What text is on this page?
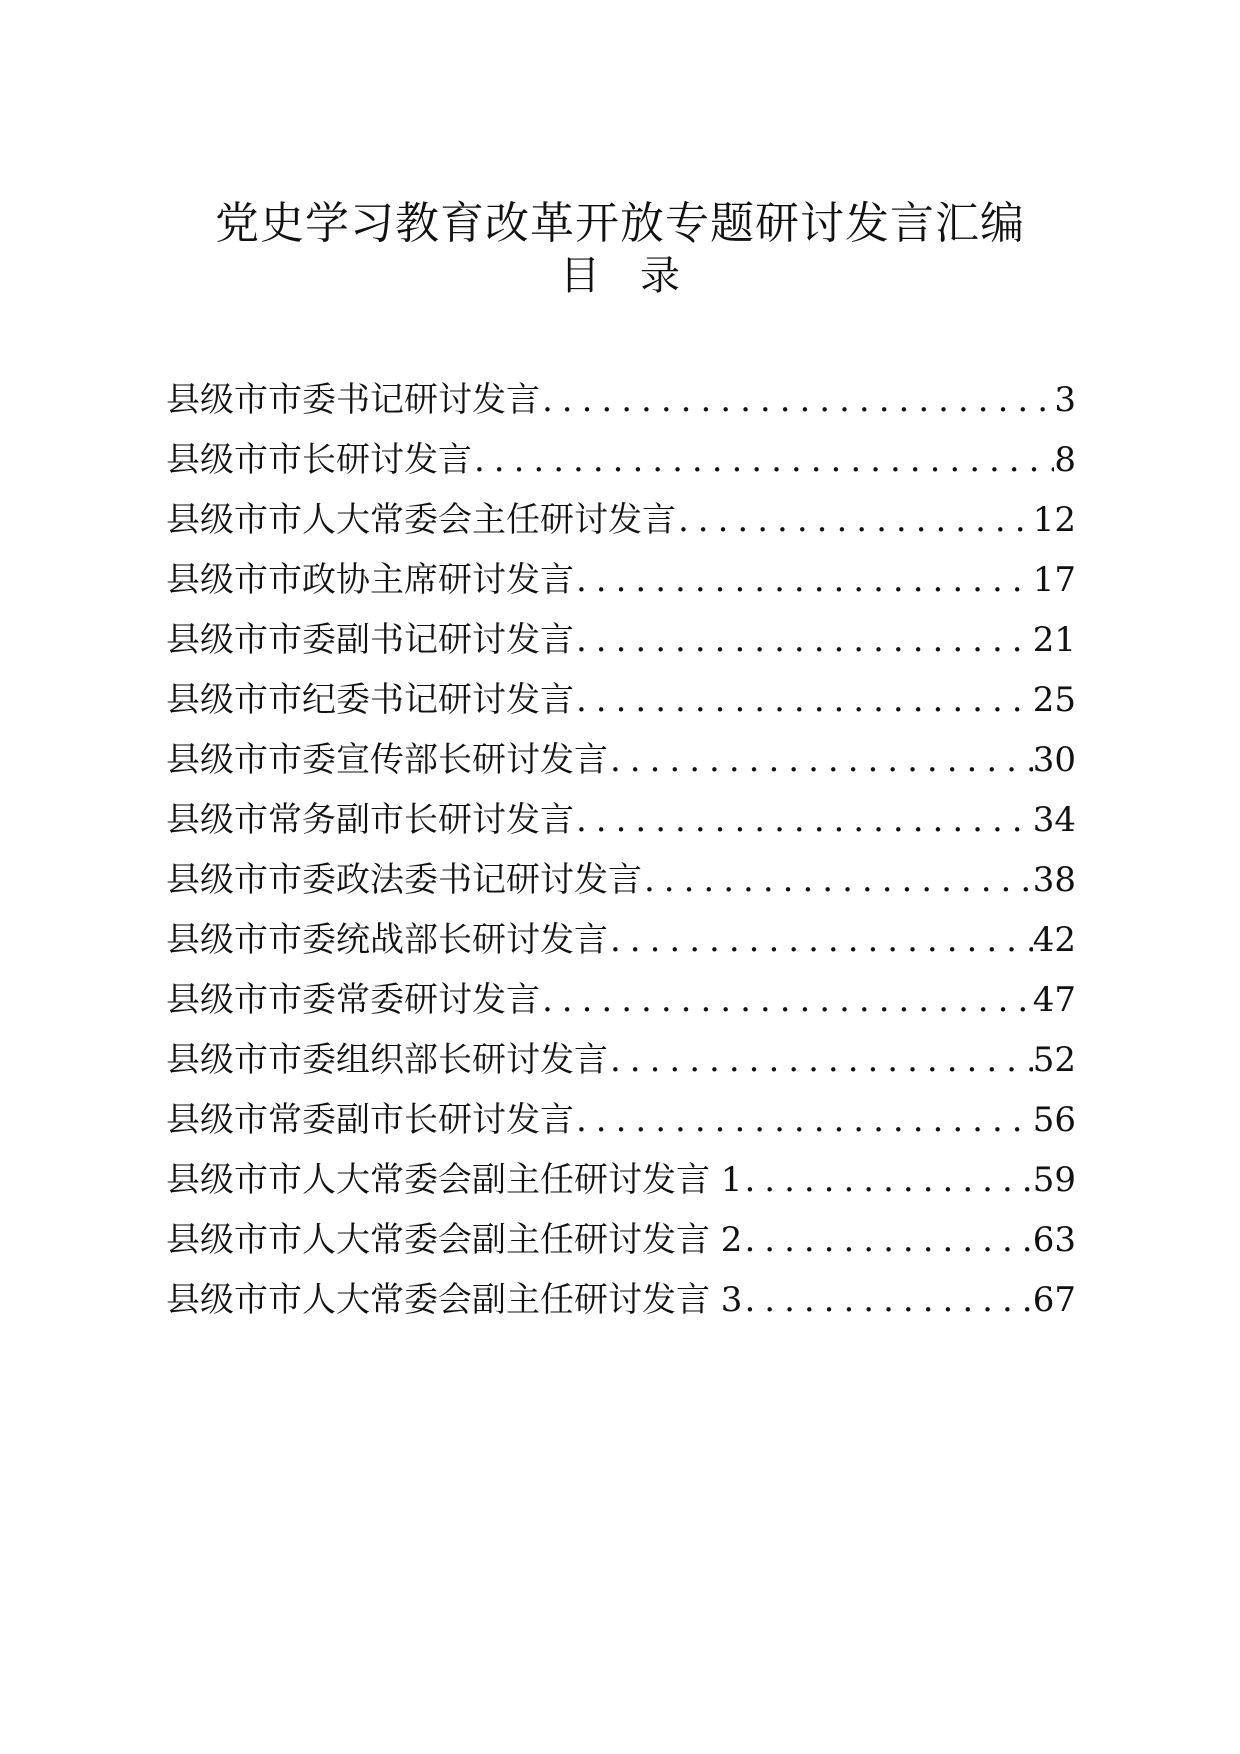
党史学习教育改革开放专题研讨发言汇编
目　录
县级市市委书记研讨发言 .....	3
县级市市长研讨发言 .....	8
县级市市人大常委会主任研讨发言 .....	12
县级市市政协主席研讨发言 .....	17
县级市市委副书记研讨发言 .....	21
县级市市纪委书记研讨发言 .....	25
县级市市委宣传部长研讨发言 .....	30
县级市常务副市长研讨发言 .....	34
县级市市委政法委书记研讨发言 .....	38
县级市市委统战部长研讨发言 .....	42
县级市市委常委研讨发言 .....	47
县级市市委组织部长研讨发言 .....	52
县级市常委副市长研讨发言 .....	56
县级市市人大常委会副主任研讨发言 1 .....	59
县级市市人大常委会副主任研讨发言 2 .....	63
县级市市人大常委会副主任研讨发言 3 .....	67
